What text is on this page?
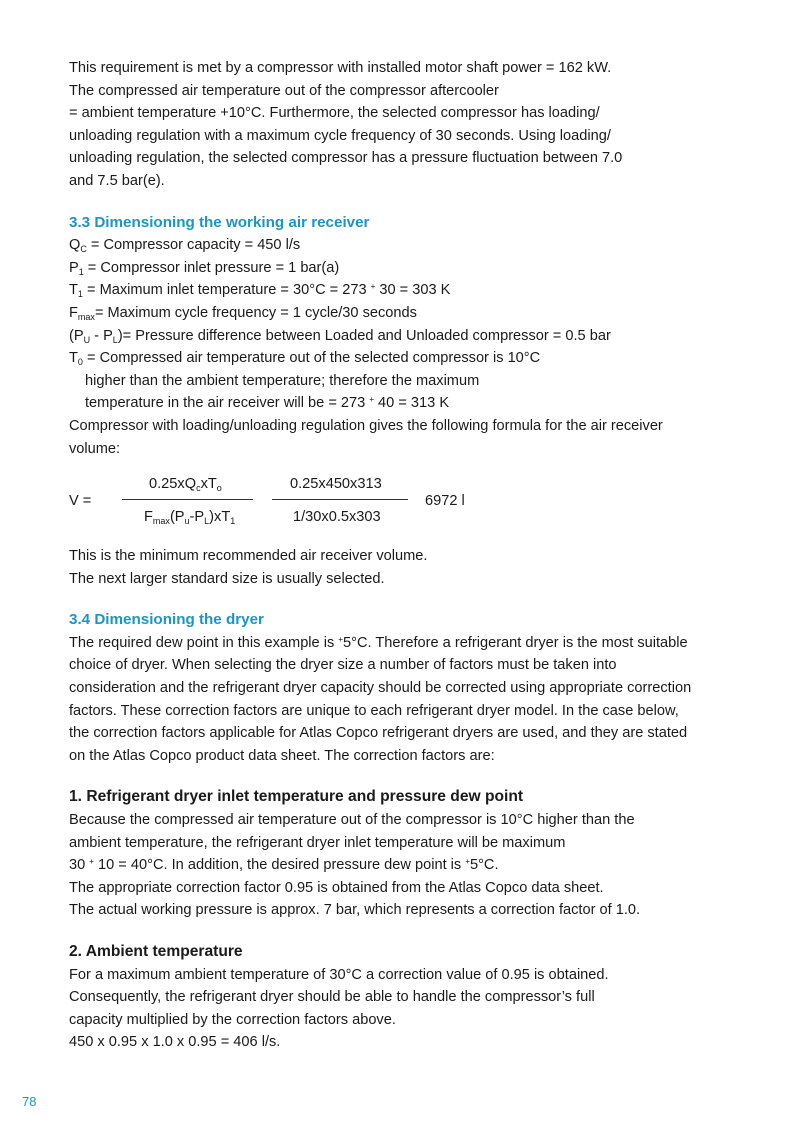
This requirement is met by a compressor with installed motor shaft power = 162 kW.

The compressed air temperature out of the compressor aftercooler

= ambient temperature +10°C. Furthermore, the selected compressor has loading/

unloading regulation with a maximum cycle frequency of 30 seconds. Using loading/

unloading regulation, the selected compressor has a pressure fluctuation between 7.0

and 7.5 bar(e).

3.3 Dimensioning the working air receiver

$Q_C$ = Compressor capacity = 450 l/s

$P_1$ = Compressor inlet pressure = 1 bar(a)

$T_1$ = Maximum inlet temperature = 30°C = 273 + 30 = 303 K

$F_{max}=$ Maximum cycle frequency = 1 cycle/30 seconds

$(P_U - P_L)=$ Pressure difference between Loaded and Unloaded compressor = 0.5 bar

$T_0$ = Compressed air temperature out of the selected compressor is 10°C

higher than the ambient temperature; therefore the maximum

temperature in the air receiver will be = 273 + 40 = 313 K

Compressor with loading/unloading regulation gives the following formula for the air receiver volume:

V =
$0.25xQ_cxT_o$
$F_{max}(P_u-P_L)xT_1$
0.25x450x313
1/30x0.5x303
6972 l

This is the minimum recommended air receiver volume.

The next larger standard size is usually selected.

3.4 Dimensioning the dryer

The required dew point in this example is +5°C. Therefore a refrigerant dryer is the most suitable choice of dryer. When selecting the dryer size a number of factors must be taken into consideration and the refrigerant dryer capacity should be corrected using appropriate correction factors. These correction factors are unique to each refrigerant dryer model. In the case below, the correction factors applicable for Atlas Copco refrigerant dryers are used, and they are stated on the Atlas Copco product data sheet. The correction factors are:

1. Refrigerant dryer inlet temperature and pressure dew point

Because the compressed air temperature out of the compressor is 10°C higher than the

ambient temperature, the refrigerant dryer inlet temperature will be maximum

30 + 10 = 40°C. In addition, the desired pressure dew point is +5°C.

The appropriate correction factor 0.95 is obtained from the Atlas Copco data sheet.

The actual working pressure is approx. 7 bar, which represents a correction factor of 1.0.

2. Ambient temperature

For a maximum ambient temperature of 30°C a correction value of 0.95 is obtained.

Consequently, the refrigerant dryer should be able to handle the compressor’s full

capacity multiplied by the correction factors above.

450 x 0.95 x 1.0 x 0.95 = 406 l/s.

78
